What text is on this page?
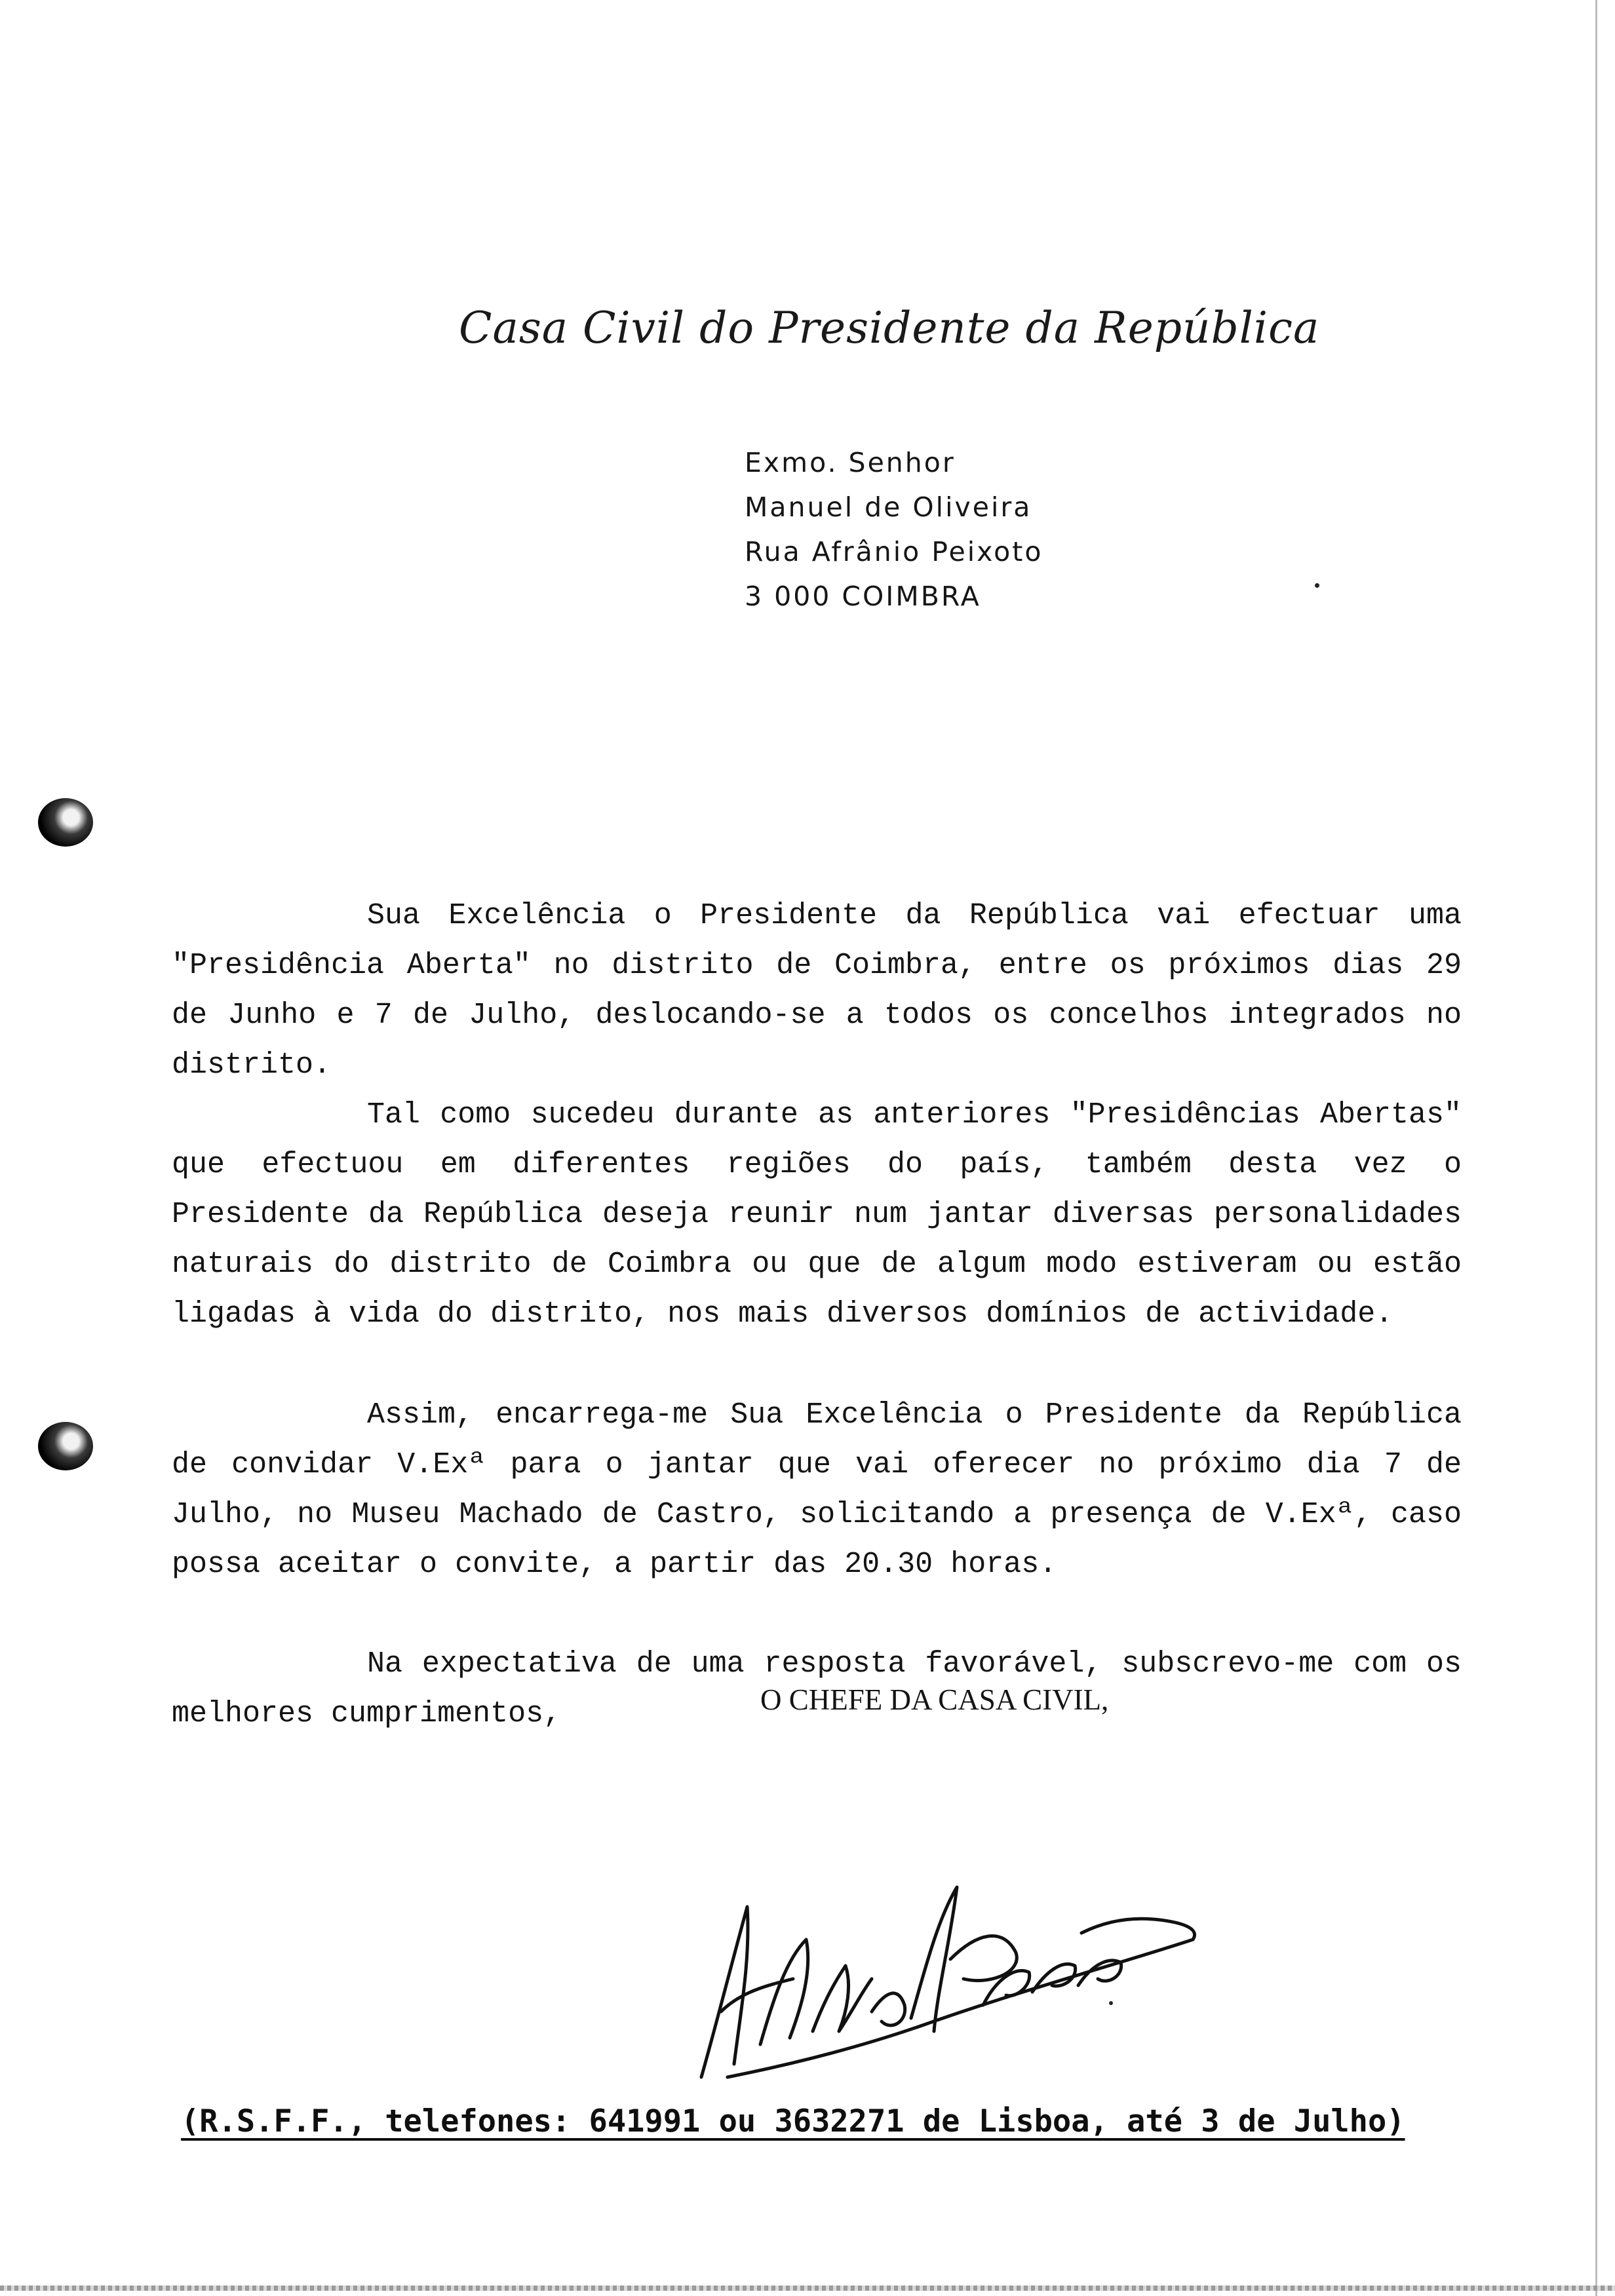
Casa Civil do Presidente da República
Exmo. Senhor
Manuel de Oliveira
Rua Afrânio Peixoto
3 000 COIMBRA
Sua Excelência o Presidente da República vai efectuar uma "Presidência Aberta" no distrito de Coimbra, entre os próximos dias 29 de Junho e 7 de Julho, deslocando-se a todos os concelhos integrados no distrito.
Tal como sucedeu durante as anteriores "Presidências Abertas" que efectuou em diferentes regiões do país, também desta vez o Presidente da República deseja reunir num jantar diversas personalidades naturais do distrito de Coimbra ou que de algum modo estiveram ou estão ligadas à vida do distrito, nos mais diversos domínios de actividade.
Assim, encarrega-me Sua Excelência o Presidente da República de convidar V.Exª para o jantar que vai oferecer no próximo dia 7 de Julho, no Museu Machado de Castro, solicitando a presença de V.Exª, caso possa aceitar o convite, a partir das 20.30 horas.
Na expectativa de uma resposta favorável, subscrevo-me com os melhores cumprimentos,	O CHEFE DA CASA CIVIL,
(R.S.F.F., telefones: 641991 ou 3632271 de Lisboa, até 3 de Julho)
